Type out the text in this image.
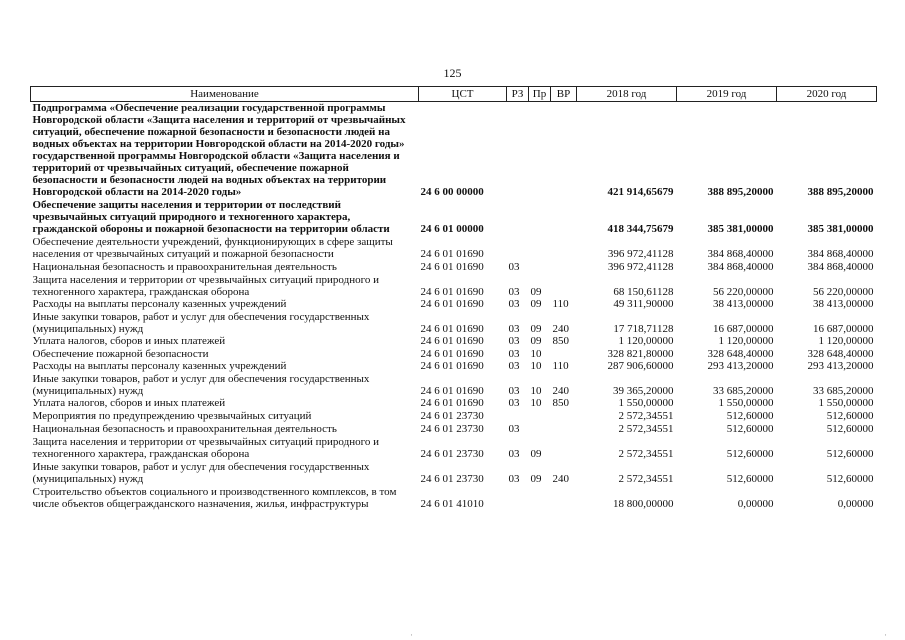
125
Наименование	ЦСТ	РЗ	Пр	ВР	2018 год	2019 год	2020 год
Подпрограмма «Обеспечение реализации государственной программы Новгородской области «Защита населения и территорий от чрезвычайных ситуаций, обеспечение пожарной безопасности и безопасности людей на водных объектах на территории Новгородской области на 2014-2020 годы» государственной программы Новгородской области «Защита населения и территорий от чрезвычайных ситуаций, обеспечение пожарной безопасности и безопасности людей на водных объектах на территории Новгородской области на 2014-2020 годы»	24 6 00 00000				421 914,65679	388 895,20000	388 895,20000
Обеспечение защиты населения и территории от последствий чрезвычайных ситуаций природного и техногенного характера, гражданской обороны и пожарной безопасности на территории области	24 6 01 00000				418 344,75679	385 381,00000	385 381,00000
Обеспечение деятельности учреждений, функционирующих в сфере защиты населения от чрезвычайных ситуаций и пожарной безопасности	24 6 01 01690				396 972,41128	384 868,40000	384 868,40000
Национальная безопасность и правоохранительная деятельность	24 6 01 01690	03			396 972,41128	384 868,40000	384 868,40000
Защита населения и территории от чрезвычайных ситуаций природного и техногенного характера, гражданская оборона	24 6 01 01690	03	09		68 150,61128	56 220,00000	56 220,00000
Расходы на выплаты персоналу казенных учреждений	24 6 01 01690	03	09	110	49 311,90000	38 413,00000	38 413,00000
Иные закупки товаров, работ и услуг для обеспечения государственных (муниципальных) нужд	24 6 01 01690	03	09	240	17 718,71128	16 687,00000	16 687,00000
Уплата налогов, сборов и иных платежей	24 6 01 01690	03	09	850	1 120,00000	1 120,00000	1 120,00000
Обеспечение пожарной безопасности	24 6 01 01690	03	10		328 821,80000	328 648,40000	328 648,40000
Расходы на выплаты персоналу казенных учреждений	24 6 01 01690	03	10	110	287 906,60000	293 413,20000	293 413,20000
Иные закупки товаров, работ и услуг для обеспечения государственных (муниципальных) нужд	24 6 01 01690	03	10	240	39 365,20000	33 685,20000	33 685,20000
Уплата налогов, сборов и иных платежей	24 6 01 01690	03	10	850	1 550,00000	1 550,00000	1 550,00000
Мероприятия по предупреждению чрезвычайных ситуаций	24 6 01 23730				2 572,34551	512,60000	512,60000
Национальная безопасность и правоохранительная деятельность	24 6 01 23730	03			2 572,34551	512,60000	512,60000
Защита населения и территории от чрезвычайных ситуаций природного и техногенного характера, гражданская оборона	24 6 01 23730	03	09		2 572,34551	512,60000	512,60000
Иные закупки товаров, работ и услуг для обеспечения государственных (муниципальных) нужд	24 6 01 23730	03	09	240	2 572,34551	512,60000	512,60000
Строительство объектов социального и производственного комплексов, в том числе объектов общегражданского назначения, жилья, инфраструктуры	24 6 01 41010				18 800,00000	0,00000	0,00000
·	·
